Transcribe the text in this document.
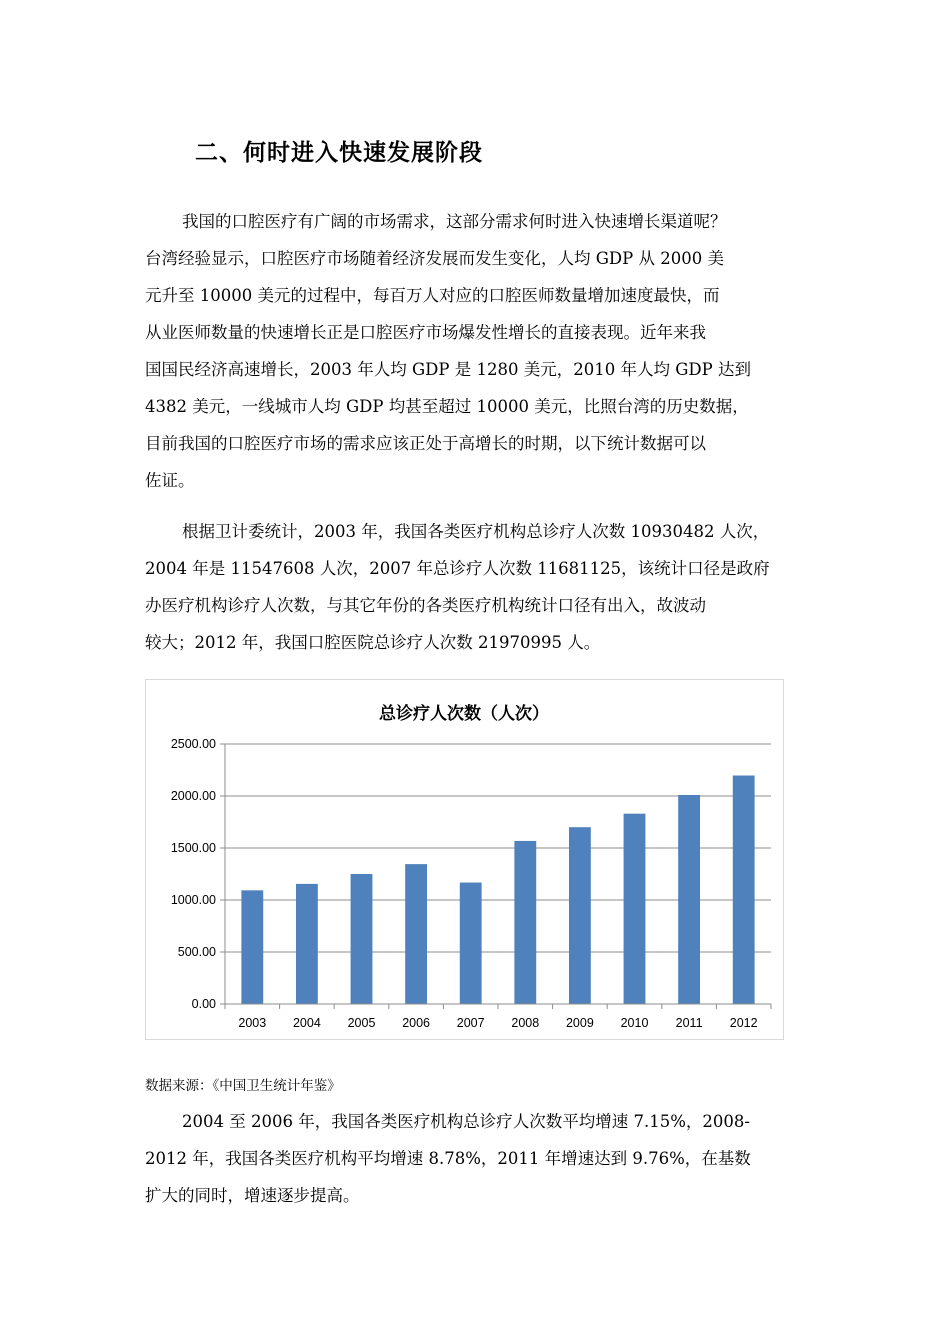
二、何时进入快速发展阶段

我国的口腔医疗有广阔的市场需求，这部分需求何时进入快速增长渠道呢？
台湾经验显示，口腔医疗市场随着经济发展而发生变化，人均 GDP 从 2000 美
元升至 10000 美元的过程中，每百万人对应的口腔医师数量增加速度最快，而
从业医师数量的快速增长正是口腔医疗市场爆发性增长的直接表现。近年来我
国国民经济高速增长，2003 年人均 GDP 是 1280 美元，2010 年人均 GDP 达到
4382 美元，一线城市人均 GDP 均甚至超过 10000 美元，比照台湾的历史数据，
目前我国的口腔医疗市场的需求应该正处于高增长的时期，以下统计数据可以
佐证。

根据卫计委统计，2003 年，我国各类医疗机构总诊疗人次数 10930482 人次，
2004 年是 11547608 人次，2007 年总诊疗人次数 11681125，该统计口径是政府
办医疗机构诊疗人次数，与其它年份的各类医疗机构统计口径有出入，故波动
较大；2012 年，我国口腔医院总诊疗人次数 21970995 人。

总诊疗人次数（人次）
0.00
500.00
1000.00
1500.00
2000.00
2500.00
2003 2004 2005 2006 2007 2008 2009 2010 2011 2012

数据来源：《中国卫生统计年鉴》

2004 至 2006 年，我国各类医疗机构总诊疗人次数平均增速 7.15%，2008-
2012 年，我国各类医疗机构平均增速 8.78%，2011 年增速达到 9.76%，在基数
扩大的同时，增速逐步提高。
